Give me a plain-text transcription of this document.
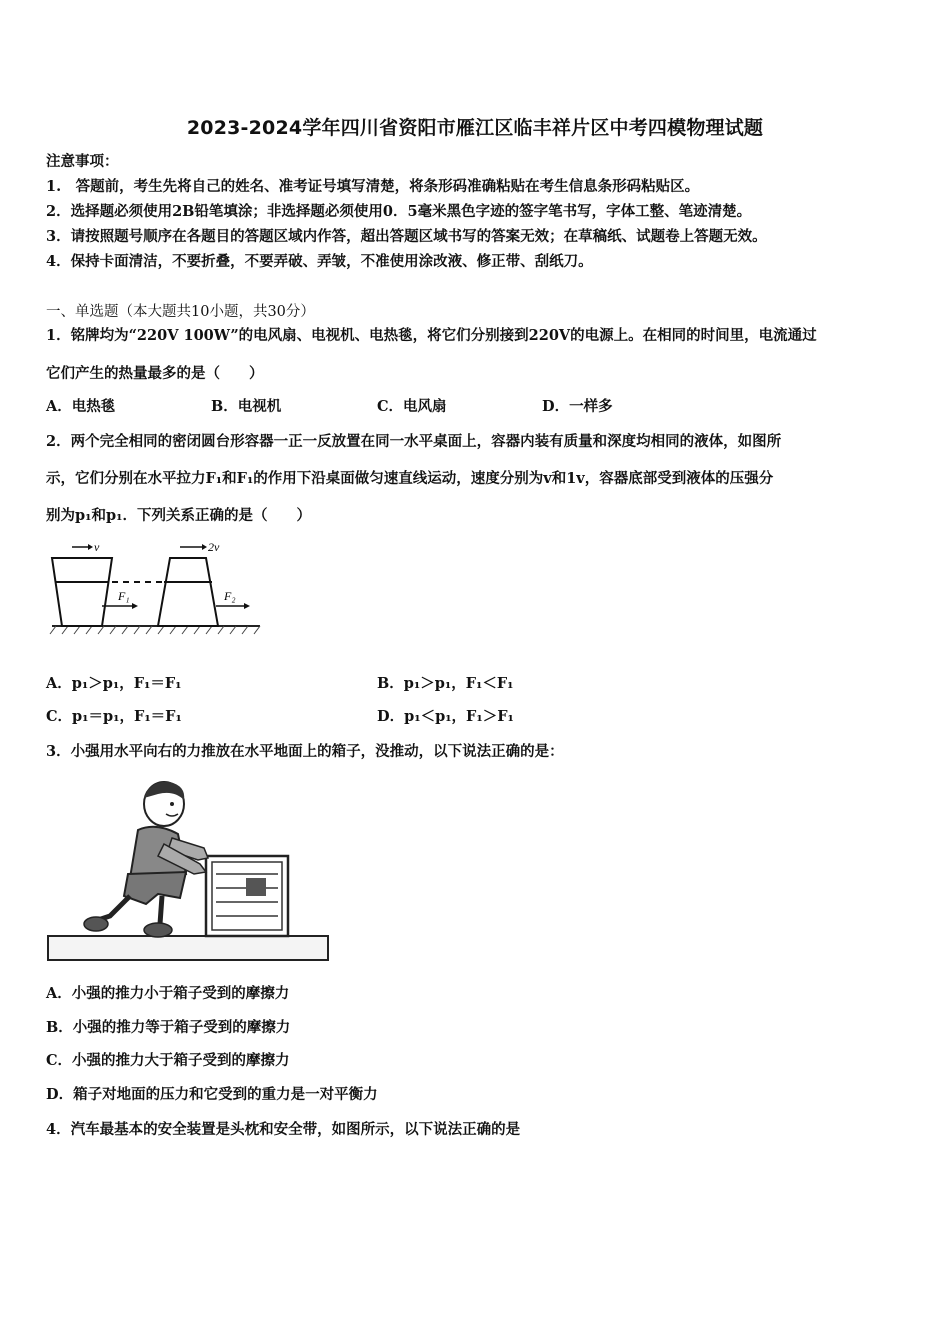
2023-2024学年四川省资阳市雁江区临丰祥片区中考四模物理试题
注意事项：
1.　答题前，考生先将自己的姓名、准考证号填写清楚，将条形码准确粘贴在考生信息条形码粘贴区。
2．选择题必须使用2B铅笔填涂；非选择题必须使用0．5毫米黑色字迹的签字笔书写，字体工整、笔迹清楚。
3．请按照题号顺序在各题目的答题区域内作答，超出答题区域书写的答案无效；在草稿纸、试题卷上答题无效。
4．保持卡面清洁，不要折叠，不要弄破、弄皱，不准使用涂改液、修正带、刮纸刀。
一、单选题（本大题共10小题，共30分）
1．铭牌均为“220V 100W”的电风扇、电视机、电热毯，将它们分别接到220V的电源上。在相同的时间里，电流通过
它们产生的热量最多的是（　　）
A．电热毯	B．电视机	C．电风扇	D．一样多
2．两个完全相同的密闭圆台形容器一正一反放置在同一水平桌面上，容器内装有质量和深度均相同的液体，如图所
示，它们分别在水平拉力F₁和F₁的作用下沿桌面做匀速直线运动，速度分别为v和1v，容器底部受到液体的压强分
别为p₁和p₁．下列关系正确的是（　　）
v	2v
F₁	F₂
A．p₁＞p₁，F₁＝F₁	B．p₁＞p₁，F₁＜F₁
C．p₁＝p₁，F₁＝F₁	D．p₁＜p₁，F₁＞F₁
3．小强用水平向右的力推放在水平地面上的箱子，没推动，以下说法正确的是：
A．小强的推力小于箱子受到的摩擦力
B．小强的推力等于箱子受到的摩擦力
C．小强的推力大于箱子受到的摩擦力
D．箱子对地面的压力和它受到的重力是一对平衡力
4．汽车最基本的安全装置是头枕和安全带，如图所示，以下说法正确的是
